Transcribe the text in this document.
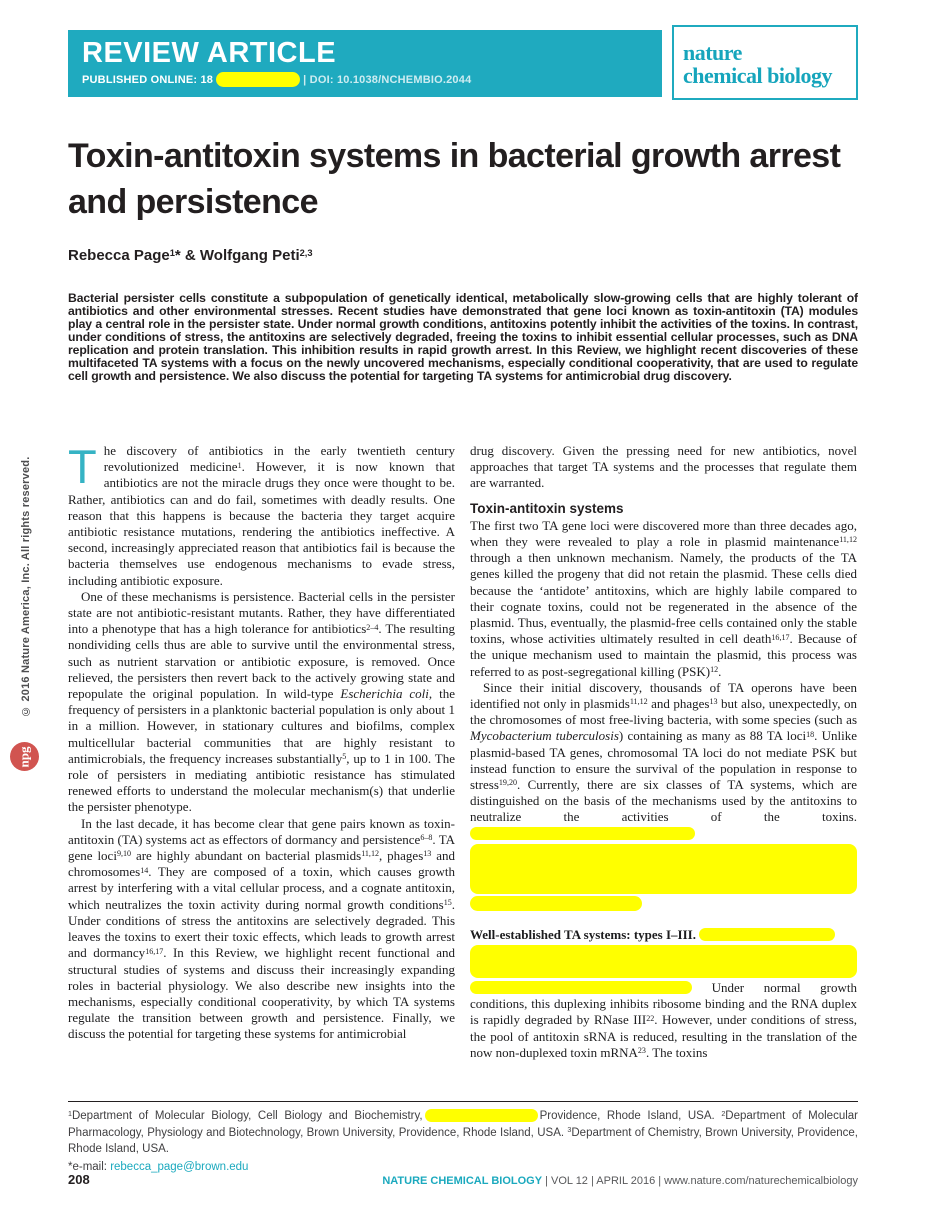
© 2016 Nature America, Inc. All rights reserved.
npg
REVIEW ARTICLE
PUBLISHED ONLINE: 18	| DOI: 10.1038/NCHEMBIO.2044
nature
chemical biology
Toxin-antitoxin systems in bacterial growth arrest
and persistence
Rebecca Page$^1$* & Wolfgang Peti$^{2,3}$
Bacterial persister cells constitute a subpopulation of genetically identical, metabolically slow-growing cells that are highly tolerant of antibiotics and other environmental stresses. Recent studies have demonstrated that gene loci known as toxin-antitoxin (TA) modules play a central role in the persister state. Under normal growth conditions, antitoxins potently inhibit the activities of the toxins. In contrast, under conditions of stress, the antitoxins are selectively degraded, freeing the toxins to inhibit essential cellular processes, such as DNA replication and protein translation. This inhibition results in rapid growth arrest. In this Review, we highlight recent discoveries of these multifaceted TA systems with a focus on the newly uncovered mechanisms, especially conditional cooperativity, that are used to regulate cell growth and persistence. We also discuss the potential for targeting TA systems for antimicrobial drug discovery.

The discovery of antibiotics in the early twentieth century revolutionized medicine$^1$. However, it is now known that antibiotics are not the miracle drugs they once were thought to be. Rather, antibiotics can and do fail, sometimes with deadly results. One reason that this happens is because the bacteria they target acquire antibiotic resistance mutations, rendering the antibiotics ineffective. A second, increasingly appreciated reason that antibiotics fail is because the bacteria themselves use endogenous mechanisms to evade stress, including antibiotic exposure.

One of these mechanisms is persistence. Bacterial cells in the persister state are not antibiotic-resistant mutants. Rather, they have differentiated into a phenotype that has a high tolerance for antibiotics$^{2-4}$. The resulting nondividing cells thus are able to survive until the environmental stress, such as nutrient starvation or antibiotic exposure, is removed. Once relieved, the persisters then revert back to the actively growing state and repopulate the original population. In wild-type Escherichia coli, the frequency of persisters in a planktonic bacterial population is only about 1 in a million. However, in stationary cultures and biofilms, complex multicellular bacterial communities that are highly resistant to antimicrobials, the frequency increases substantially$^5$, up to 1 in 100. The role of persisters in mediating antibiotic resistance has stimulated renewed efforts to understand the molecular mechanism(s) that underlie the persister phenotype.

In the last decade, it has become clear that gene pairs known as toxin-antitoxin (TA) systems act as effectors of dormancy and persistence$^{6-8}$. TA gene loci$^{9,10}$ are highly abundant on bacterial plasmids$^{11,12}$, phages$^{13}$ and chromosomes$^{14}$. They are composed of a toxin, which causes growth arrest by interfering with a vital cellular process, and a cognate antitoxin, which neutralizes the toxin activity during normal growth conditions$^{15}$. Under conditions of stress the antitoxins are selectively degraded. This leaves the toxins to exert their toxic effects, which leads to growth arrest and dormancy$^{16,17}$. In this Review, we highlight recent functional and structural studies of systems and discuss their increasingly expanding roles in bacterial physiology. We also describe new insights into the mechanisms, especially conditional cooperativity, by which TA systems regulate the transition between growth and persistence. Finally, we discuss the potential for targeting these systems for antimicrobial

drug discovery. Given the pressing need for new antibiotics, novel approaches that target TA systems and the processes that regulate them are warranted.

Toxin-antitoxin systems

The first two TA gene loci were discovered more than three decades ago, when they were revealed to play a role in plasmid maintenance$^{11,12}$ through a then unknown mechanism. Namely, the products of the TA genes killed the progeny that did not retain the plasmid. These cells died because the ‘antidote’ antitoxins, which are highly labile compared to their cognate toxins, could not be regenerated in the absence of the plasmid. Thus, eventually, the plasmid-free cells contained only the stable toxins, whose activities ultimately resulted in cell death$^{16,17}$. Because of the unique mechanism used to maintain the plasmid, this process was referred to as post-segregational killing (PSK)$^{12}$.

Since their initial discovery, thousands of TA operons have been identified not only in plasmids$^{11,12}$ and phages$^{13}$ but also, unexpectedly, on the chromosomes of most free-living bacteria, with some species (such as Mycobacterium tuberculosis) containing as many as 88 TA loci$^{18}$. Unlike plasmid-based TA genes, chromosomal TA loci do not mediate PSK but instead function to ensure the survival of the population in response to stress$^{19,20}$. Currently, there are six classes of TA systems, which are distinguished on the basis of the mechanisms used by the antitoxins to neutralize the activities of the toxins.

Well-established TA systems: types I–III.

Under normal growth conditions, this duplexing inhibits ribosome binding and the RNA duplex is rapidly degraded by RNase III$^{22}$. However, under conditions of stress, the pool of antitoxin sRNA is reduced, resulting in the translation of the now non-duplexed toxin mRNA$^{23}$. The toxins

$^1$Department of Molecular Biology, Cell Biology and Biochemistry,	Providence, Rhode Island, USA. $^2$Department of Molecular Pharmacology, Physiology and Biotechnology, Brown University, Providence, Rhode Island, USA. $^3$Department of Chemistry, Brown University, Providence, Rhode Island, USA.
*e-mail: rebecca_page@brown.edu
208	NATURE CHEMICAL BIOLOGY | VOL 12 | APRIL 2016 | www.nature.com/naturechemicalbiology
